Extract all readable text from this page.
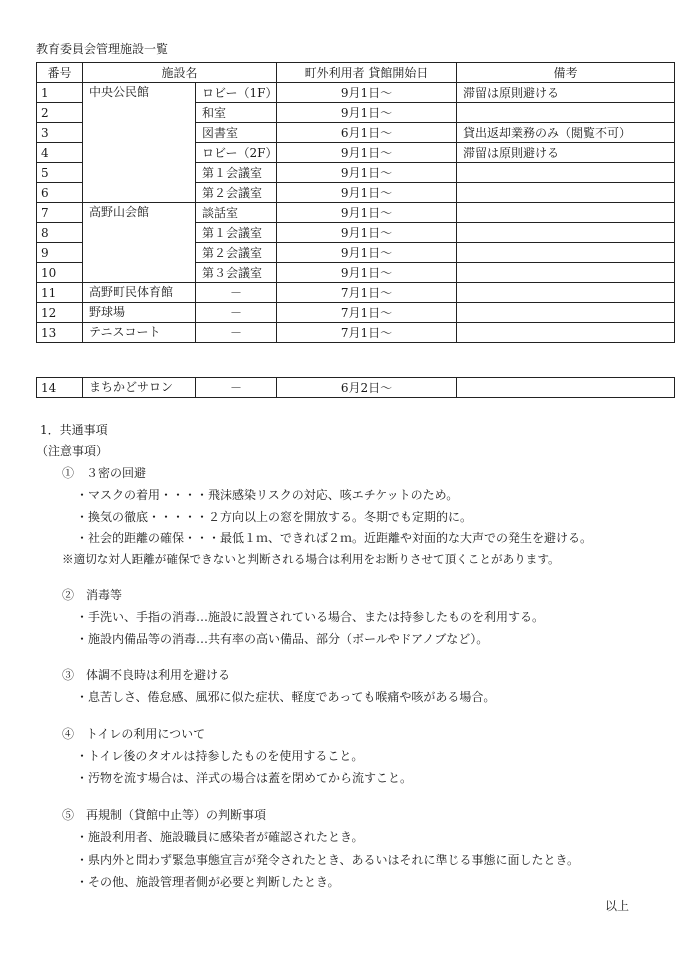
教育委員会管理施設一覧
番号	施設名		町外利用者 貸館開始日	備考
1	中央公民館	ロビー（1F）	9月1日～	滞留は原則避ける
2		和室	9月1日～	
3		図書室	6月1日～	貸出返却業務のみ（閲覧不可）
4		ロビー（2F）	9月1日～	滞留は原則避ける
5		第１会議室	9月1日～	
6		第２会議室	9月1日～	
7	高野山会館	談話室	9月1日～	
8		第１会議室	9月1日～	
9		第２会議室	9月1日～	
10		第３会議室	9月1日～	
11	高野町民体育館	－	7月1日～	
12	野球場	－	7月1日～	
13	テニスコート	－	7月1日～	
14	まちかどサロン	－	6月2日～	
1．共通事項
（注意事項）
①　３密の回避
・マスクの着用・・・・飛沫感染リスクの対応、咳エチケットのため。
・換気の徹底・・・・・２方向以上の窓を開放する。冬期でも定期的に。
・社会的距離の確保・・・最低１ｍ、できれば２ｍ。近距離や対面的な大声での発生を避ける。
※適切な対人距離が確保できないと判断される場合は利用をお断りさせて頂くことがあります。
②　消毒等
・手洗い、手指の消毒…施設に設置されている場合、または持参したものを利用する。
・施設内備品等の消毒…共有率の高い備品、部分（ボールやドアノブなど）。
③　体調不良時は利用を避ける
・息苦しさ、倦怠感、風邪に似た症状、軽度であっても喉痛や咳がある場合。
④　トイレの利用について
・トイレ後のタオルは持参したものを使用すること。
・汚物を流す場合は、洋式の場合は蓋を閉めてから流すこと。
⑤　再規制（貸館中止等）の判断事項
・施設利用者、施設職員に感染者が確認されたとき。
・県内外と問わず緊急事態宣言が発令されたとき、あるいはそれに準じる事態に面したとき。
・その他、施設管理者側が必要と判断したとき。
以上
